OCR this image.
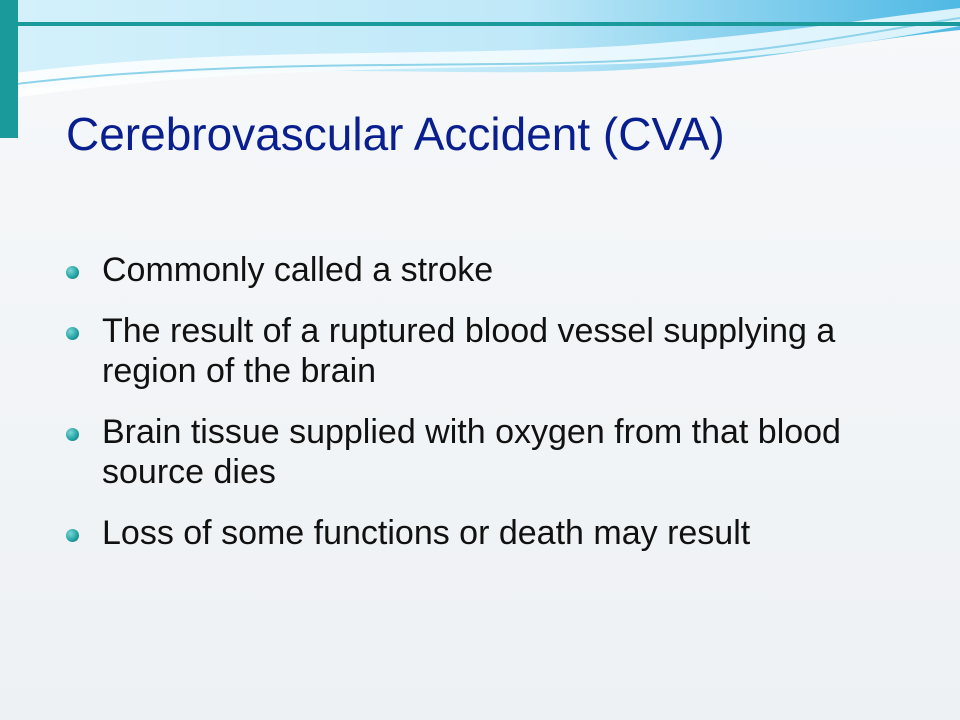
Cerebrovascular Accident (CVA)
Commonly called a stroke
The result of a ruptured blood vessel supplying a region of the brain
Brain tissue supplied with oxygen from that blood source dies
Loss of some functions or death may result
